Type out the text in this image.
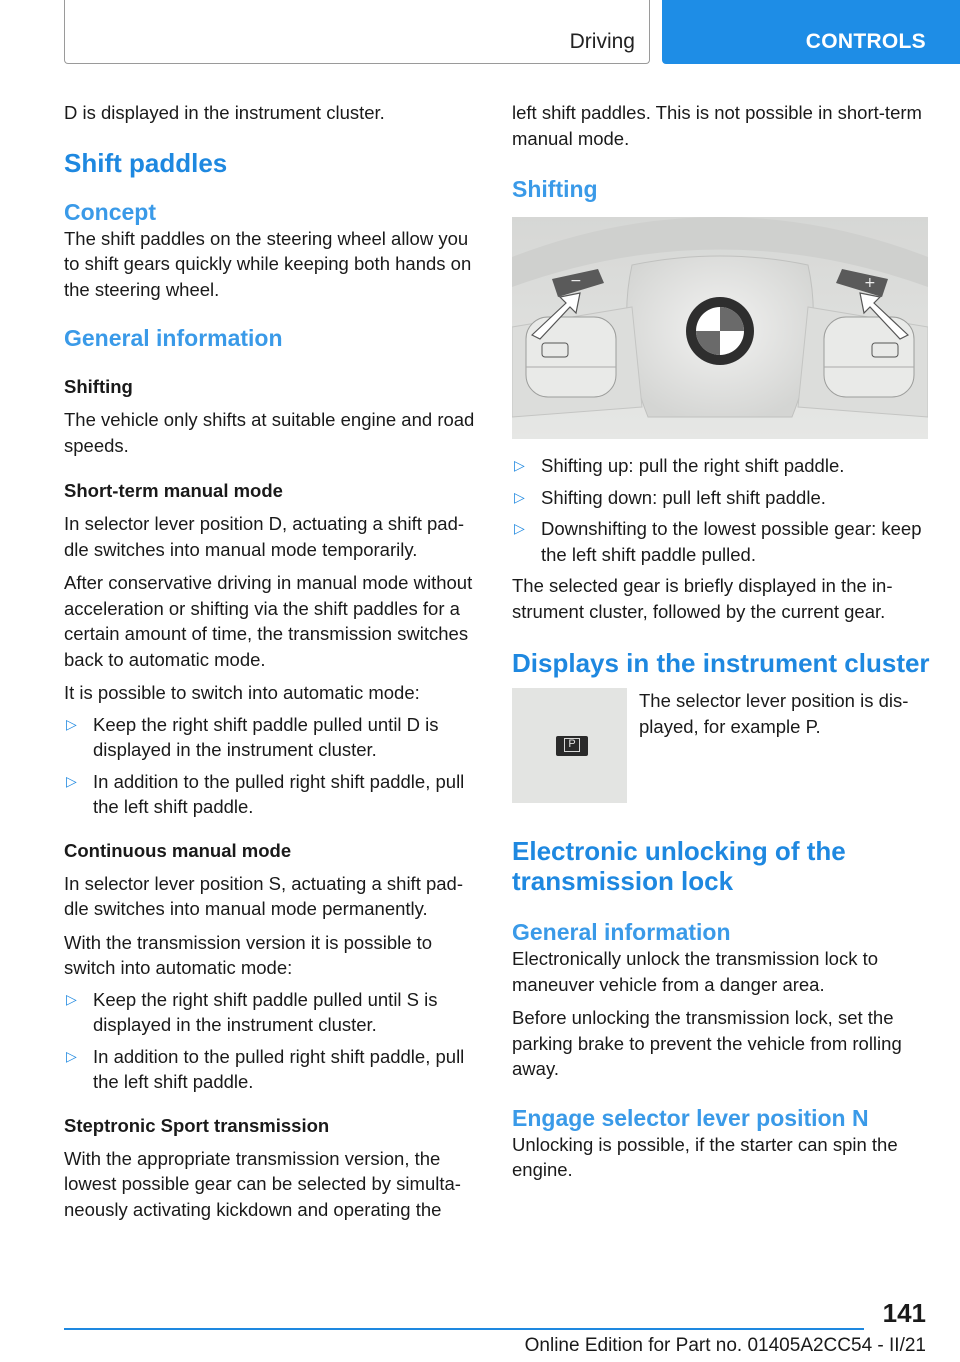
Driving	CONTROLS

D is displayed in the instrument cluster.

Shift paddles
Concept

The shift paddles on the steering wheel allow you to shift gears quickly while keeping both hands on the steering wheel.

General information
Shifting

The vehicle only shifts at suitable engine and road speeds.

Short-term manual mode

In selector lever position D, actuating a shift paddle switches into manual mode temporarily.

After conservative driving in manual mode without acceleration or shifting via the shift paddles for a certain amount of time, the transmission switches back to automatic mode.

It is possible to switch into automatic mode:

▷ Keep the right shift paddle pulled until D is displayed in the instrument cluster.
▷ In addition to the pulled right shift paddle, pull the left shift paddle.
Continuous manual mode

In selector lever position S, actuating a shift paddle switches into manual mode permanently.

With the transmission version it is possible to switch into automatic mode:

▷ Keep the right shift paddle pulled until S is displayed in the instrument cluster.
▷ In addition to the pulled right shift paddle, pull the left shift paddle.
Steptronic Sport transmission

With the appropriate transmission version, the lowest possible gear can be selected by simultaneously activating kickdown and operating the

left shift paddles. This is not possible in short-term manual mode.

Shifting
−	+
▷ Shifting up: pull the right shift paddle.
▷ Shifting down: pull left shift paddle.
▷ Downshifting to the lowest possible gear: keep the left shift paddle pulled.

The selected gear is briefly displayed in the instrument cluster, followed by the current gear.

Displays in the instrument cluster
P

The selector lever position is displayed, for example P.

Electronic unlocking of the transmission lock
General information

Electronically unlock the transmission lock to maneuver vehicle from a danger area.

Before unlocking the transmission lock, set the parking brake to prevent the vehicle from rolling away.

Engage selector lever position N

Unlocking is possible, if the starter can spin the engine.

141
Online Edition for Part no. 01405A2CC54 - II/21
